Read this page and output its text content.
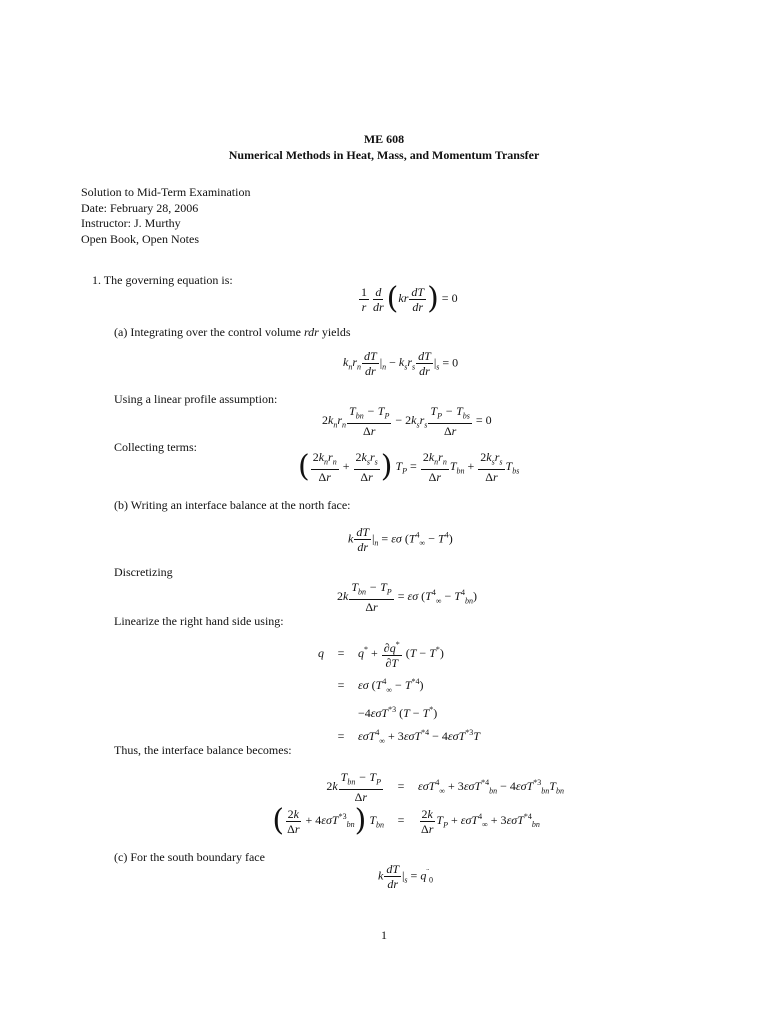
ME 608
Numerical Methods in Heat, Mass, and Momentum Transfer
Solution to Mid-Term Examination
Date: February 28, 2006
Instructor: J. Murthy
Open Book, Open Notes
1. The governing equation is:
$\frac{1}{r} \frac{d}{dr} (kr \frac{dT}{dr}$ ) = 0
(a) Integrating over the control volume rdr yields
$k_nr_n \frac{dT}{dr} |_n - k_sr_s \frac{dT}{dr} |_s = 0$
Using a linear profile assumption:
$2k_nr_n \frac{T_{bn} - T_P}{\Delta r} - 2k_sr_s \frac{T_P - T_{bs}}{\Delta r} = 0$
Collecting terms:
( $\frac{2k_nr_n}{\Delta r} + \frac{2k_sr_s}{\Delta r}$ ) $T_P = \frac{2k_nr_n}{\Delta r} T_{bn} + \frac{2k_sr_s}{\Delta r} T_{bs}$
(b) Writing an interface balance at the north face:
k $\frac{dT}{dr} |_n = \varepsilon\sigma$ $(T^4_\infty - T^4)$
Discretizing
$2k \frac{T_{bn} - T_P}{\Delta r} = \varepsilon\sigma$ $(T^4_\infty - T^4_{bn})$
Linearize the right hand side using:
$q = q^* + \frac{\partial q^*}{\partial T} (T - T^*)$
= εσ $(T^4_\infty - T^{*4})$
−4εσT$^{*3}$ (T − T*)
= εσT$^4_\infty$ + 3εσT$^{*4}$ − 4εσT$^{*3}$T
Thus, the interface balance becomes:
$2k \frac{T_{bn} - T_P}{\Delta r} = \varepsilon\sigma T^4_\infty + 3\varepsilon\sigma T^{*4}_{bn} - 4\varepsilon\sigma T^{*3}_{bn}T_{bn}$
( $\frac{2k}{\Delta r} + 4\varepsilon\sigma T^{*3}_{bn}$) $T_{bn} = \frac{2k}{\Delta r} T_P + \varepsilon\sigma T^4_\infty + 3\varepsilon\sigma T^{*4}_{bn}$
(c) For the south boundary face
k $\frac{dT}{dr} |_s = q^¨_0$
1
